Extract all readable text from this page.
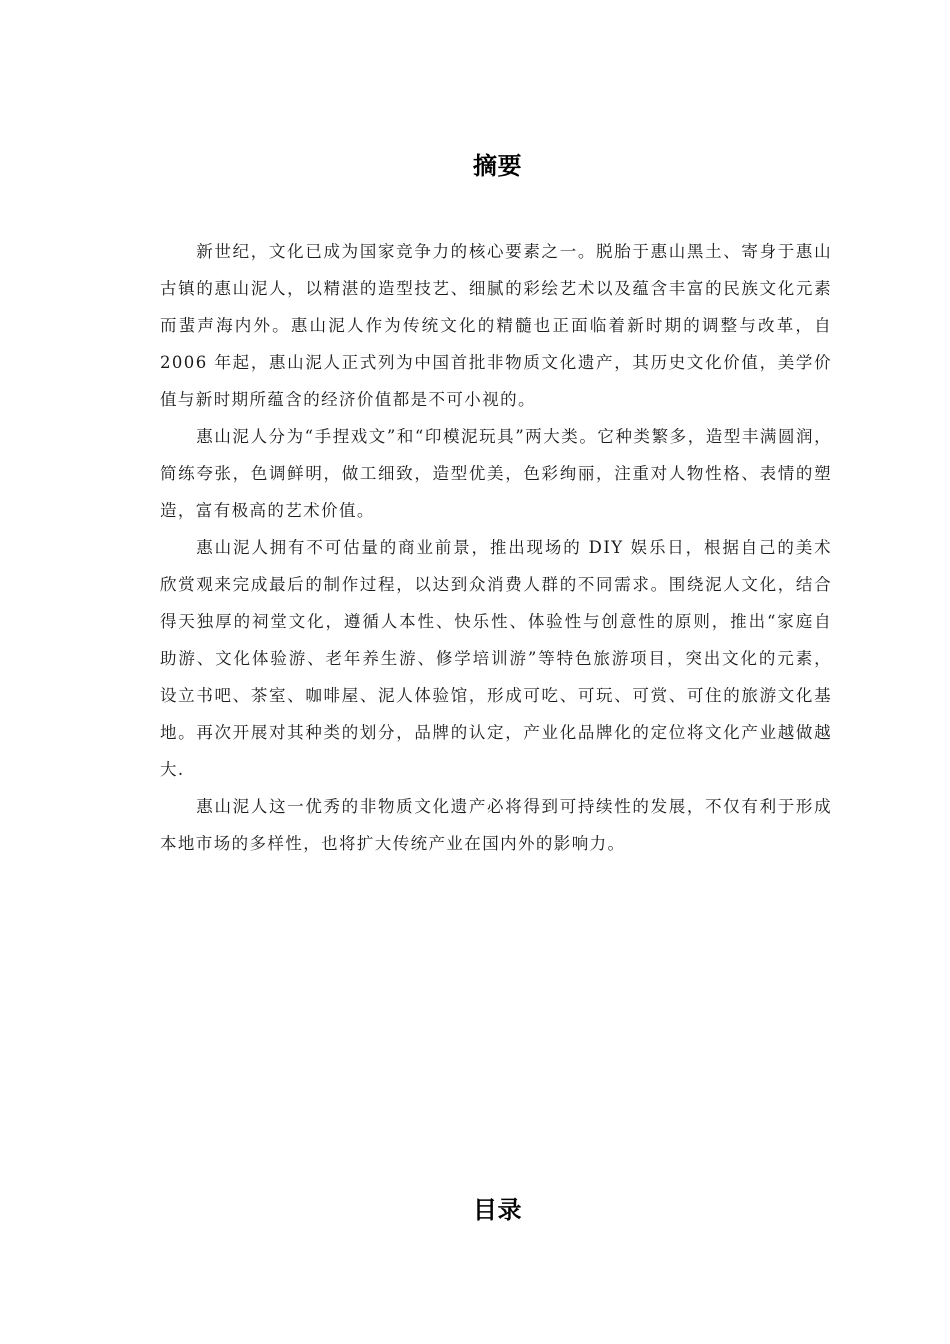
摘要

新世纪，文化已成为国家竞争力的核心要素之一。脱胎于惠山黑土、寄身于惠山古镇的惠山泥人，以精湛的造型技艺、细腻的彩绘艺术以及蕴含丰富的民族文化元素而蜚声海内外。惠山泥人作为传统文化的精髓也正面临着新时期的调整与改革，自 2006 年起，惠山泥人正式列为中国首批非物质文化遗产，其历史文化价值，美学价值与新时期所蕴含的经济价值都是不可小视的。

惠山泥人分为“手捏戏文”和“印模泥玩具”两大类。它种类繁多，造型丰满圆润，简练夸张，色调鲜明，做工细致，造型优美，色彩绚丽，注重对人物性格、表情的塑造，富有极高的艺术价值。

惠山泥人拥有不可估量的商业前景，推出现场的 DIY 娱乐日，根据自己的美术欣赏观来完成最后的制作过程，以达到众消费人群的不同需求。围绕泥人文化，结合得天独厚的祠堂文化，遵循人本性、快乐性、体验性与创意性的原则，推出“家庭自助游、文化体验游、老年养生游、修学培训游”等特色旅游项目，突出文化的元素，设立书吧、茶室、咖啡屋、泥人体验馆，形成可吃、可玩、可赏、可住的旅游文化基地。再次开展对其种类的划分，品牌的认定，产业化品牌化的定位将文化产业越做越大.

惠山泥人这一优秀的非物质文化遗产必将得到可持续性的发展，不仅有利于形成本地市场的多样性，也将扩大传统产业在国内外的影响力。

目录
